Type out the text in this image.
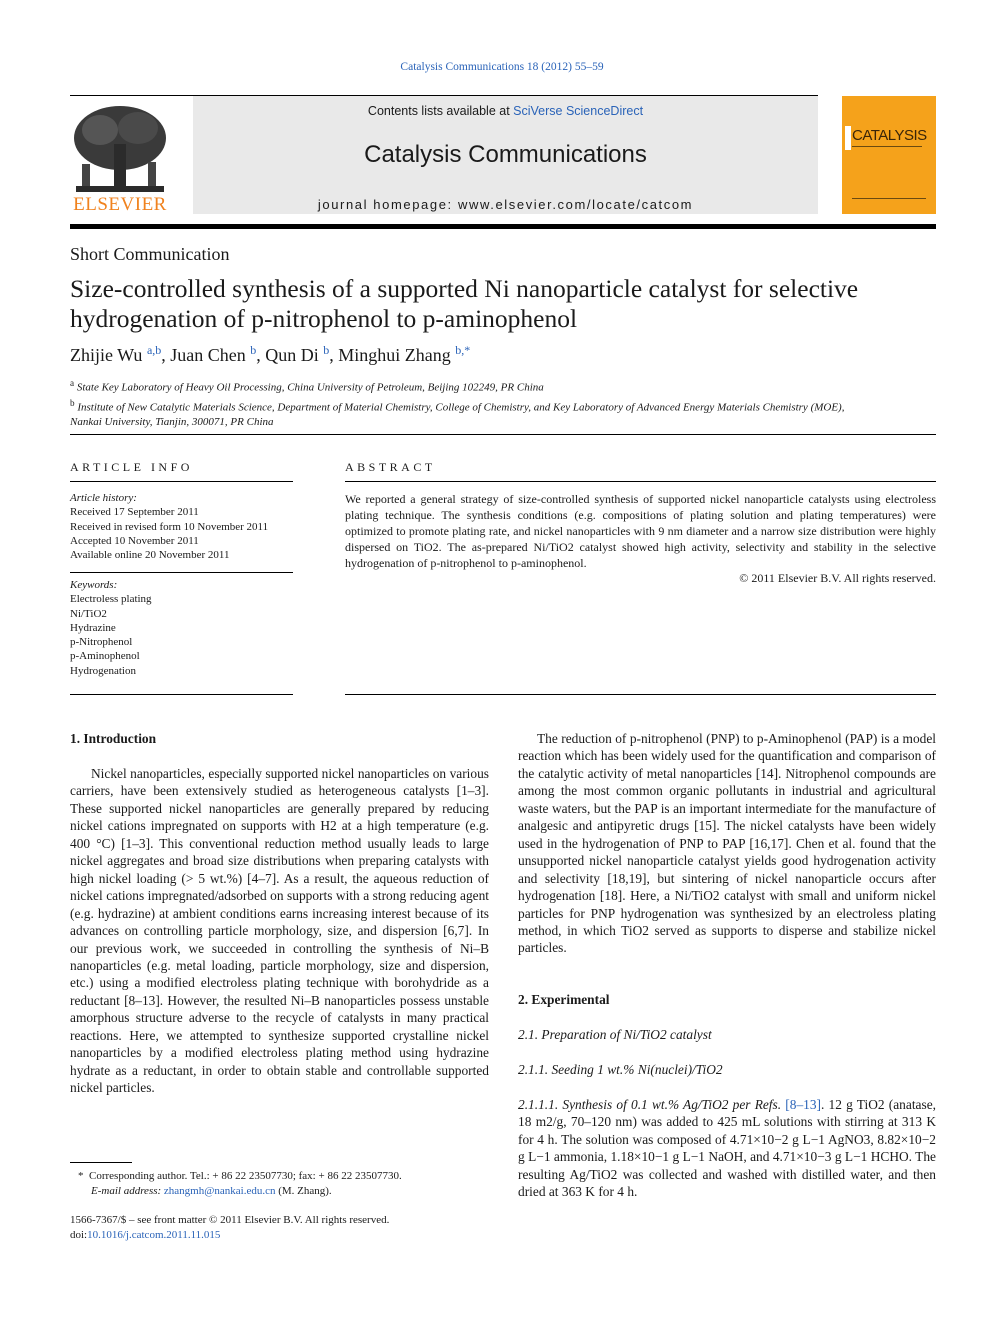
Catalysis Communications 18 (2012) 55–59
Contents lists available at SciVerse ScienceDirect
Catalysis Communications
journal homepage: www.elsevier.com/locate/catcom
ELSEVIER
CATALYSIS
Short Communication
Size-controlled synthesis of a supported Ni nanoparticle catalyst for selective
hydrogenation of p-nitrophenol to p-aminophenol
Zhijie Wu $^{a,b}$, Juan Chen $^b$, Qun Di $^b$, Minghui Zhang $^{b,*}$
$^a$ State Key Laboratory of Heavy Oil Processing, China University of Petroleum, Beijing 102249, PR China
$^b$ Institute of New Catalytic Materials Science, Department of Material Chemistry, College of Chemistry, and Key Laboratory of Advanced Energy Materials Chemistry (MOE),
Nankai University, Tianjin, 300071, PR China
ARTICLE INFO
Article history:
Received 17 September 2011
Received in revised form 10 November 2011
Accepted 10 November 2011
Available online 20 November 2011
Keywords:
Electroless plating
Ni/TiO2
Hydrazine
p-Nitrophenol
p-Aminophenol
Hydrogenation
ABSTRACT
We reported a general strategy of size-controlled synthesis of supported nickel nanoparticle catalysts using electroless plating technique. The synthesis conditions (e.g. compositions of plating solution and plating temperatures) were optimized to promote plating rate, and nickel nanoparticles with 9 nm diameter and a narrow size distribution were highly dispersed on TiO2. The as-prepared Ni/TiO2 catalyst showed high activity, selectivity and stability in the selective hydrogenation of p-nitrophenol to p-aminophenol.
© 2011 Elsevier B.V. All rights reserved.
1. Introduction
Nickel nanoparticles, especially supported nickel nanoparticles on various carriers, have been extensively studied as heterogeneous catalysts [1–3]. These supported nickel nanoparticles are generally prepared by reducing nickel cations impregnated on supports with H2 at a high temperature (e.g. 400 °C) [1–3]. This conventional reduction method usually leads to large nickel aggregates and broad size distributions when preparing catalysts with high nickel loading (> 5 wt.%) [4–7]. As a result, the aqueous reduction of nickel cations impregnated/adsorbed on supports with a strong reducing agent (e.g. hydrazine) at ambient conditions earns increasing interest because of its advances on controlling particle morphology, size, and dispersion [6,7]. In our previous work, we succeeded in controlling the synthesis of Ni–B nanoparticles (e.g. metal loading, particle morphology, size and dispersion, etc.) using a modified electroless plating technique with borohydride as a reductant [8–13]. However, the resulted Ni–B nanoparticles possess unstable amorphous structure adverse to the recycle of catalysts in many practical reactions. Here, we attempted to synthesize supported crystalline nickel nanoparticles by a modified electroless plating method using hydrazine hydrate as a reductant, in order to obtain stable and controllable supported nickel particles.
The reduction of p-nitrophenol (PNP) to p-Aminophenol (PAP) is a model reaction which has been widely used for the quantification and comparison of the catalytic activity of metal nanoparticles [14]. Nitrophenol compounds are among the most common organic pollutants in industrial and agricultural waste waters, but the PAP is an important intermediate for the manufacture of analgesic and antipyretic drugs [15]. The nickel catalysts have been widely used in the hydrogenation of PNP to PAP [16,17]. Chen et al. found that the unsupported nickel nanoparticle catalyst yields good hydrogenation activity and selectivity [18,19], but sintering of nickel nanoparticle occurs after hydrogenation [18]. Here, a Ni/TiO2 catalyst with small and uniform nickel particles for PNP hydrogenation was synthesized by an electroless plating method, in which TiO2 served as supports to disperse and stabilize nickel particles.
2. Experimental
2.1. Preparation of Ni/TiO2 catalyst
2.1.1. Seeding 1 wt.% Ni(nuclei)/TiO2
2.1.1.1. Synthesis of 0.1 wt.% Ag/TiO2 per Refs. [8–13]. 12 g TiO2 (anatase, 18 m2/g, 70–120 nm) was added to 425 mL solutions with stirring at 313 K for 4 h. The solution was composed of 4.71×10−2 g L−1 AgNO3, 8.82×10−2 g L−1 ammonia, 1.18×10−1 g L−1 NaOH, and 4.71×10−3 g L−1 HCHO. The resulting Ag/TiO2 was collected and washed with distilled water, and then dried at 363 K for 4 h.
* Corresponding author. Tel.: + 86 22 23507730; fax: + 86 22 23507730.
E-mail address: zhangmh@nankai.edu.cn (M. Zhang).
1566-7367/$ – see front matter © 2011 Elsevier B.V. All rights reserved.
doi:10.1016/j.catcom.2011.11.015
